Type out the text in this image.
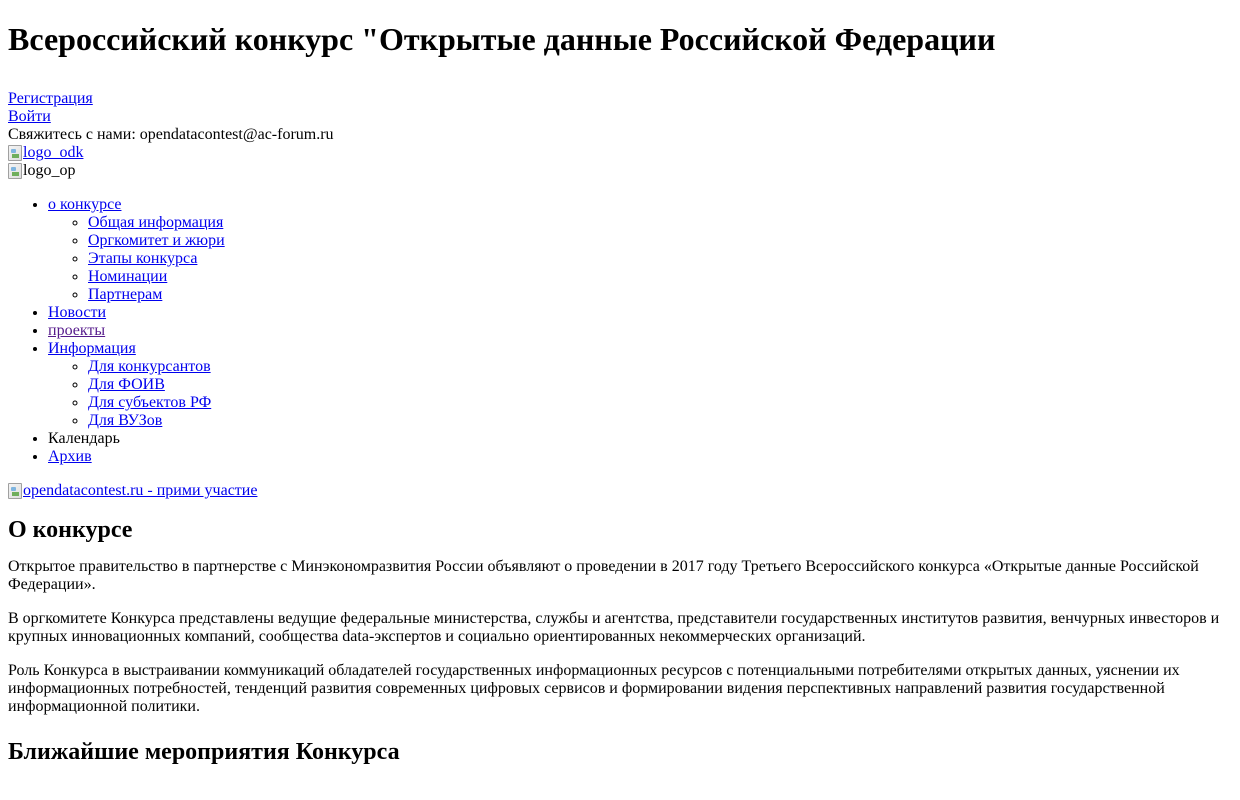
Всероссийский конкурс "Открытые данные Российской Федерации
Регистрация
Войти
Свяжитесь с нами: opendatacontest@ac-forum.ru
logo_odk
logo_op
• о конкурсе
◦ Общая информация
◦ Оргкомитет и жюри
◦ Этапы конкурса
◦ Номинации
◦ Партнерам
• Новости
• проекты
• Информация
◦ Для конкурсантов
◦ Для ФОИВ
◦ Для субъектов РФ
◦ Для ВУЗов
• Календарь
• Архив
opendatacontest.ru - прими участие
О конкурсе

Открытое правительство в партнерстве с Минэкономразвития России объявляют о проведении в 2017 году Третьего Всероссийского конкурса «Открытые данные Российской Федерации».

В оргкомитете Конкурса представлены ведущие федеральные министерства, службы и агентства, представители государственных институтов развития, венчурных инвесторов и крупных инновационных компаний, сообщества data-экспертов и социально ориентированных некоммерческих организаций.

Роль Конкурса в выстраивании коммуникаций обладателей государственных информационных ресурсов с потенциальными потребителями открытых данных, уяснении их информационных потребностей, тенденций развития современных цифровых сервисов и формировании видения перспективных направлений развития государственной информационной политики.

Ближайшие мероприятия Конкурса
